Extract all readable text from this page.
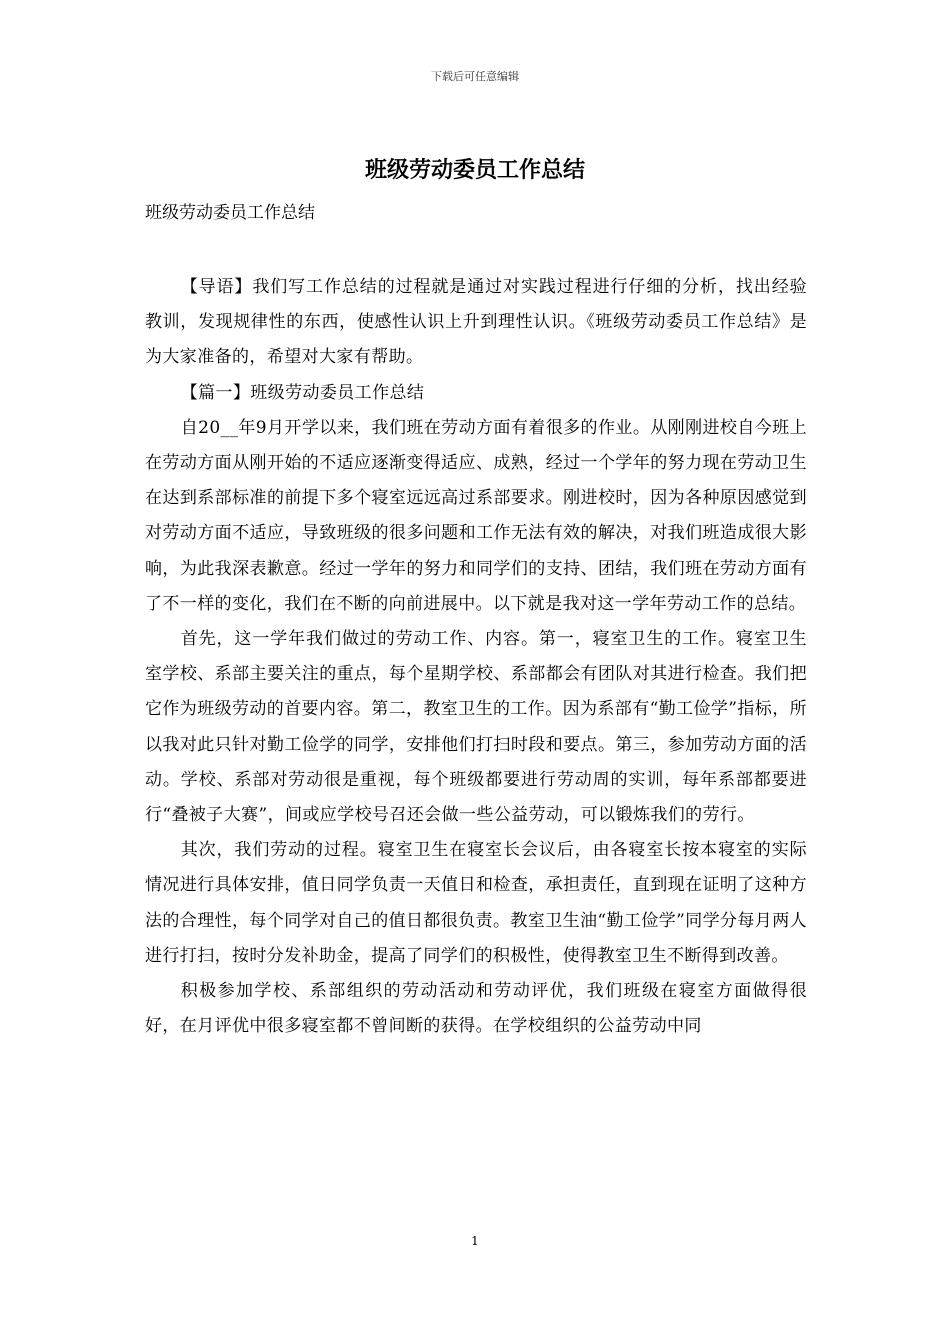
下载后可任意编辑
班级劳动委员工作总结
班级劳动委员工作总结

【导语】我们写工作总结的过程就是通过对实践过程进行仔细的分析，找出经验教训，发现规律性的东西，使感性认识上升到理性认识。《班级劳动委员工作总结》是为大家准备的，希望对大家有帮助。

【篇一】班级劳动委员工作总结

自20__年9月开学以来，我们班在劳动方面有着很多的作业。从刚刚进校自今班上在劳动方面从刚开始的不适应逐渐变得适应、成熟，经过一个学年的努力现在劳动卫生在达到系部标准的前提下多个寝室远远高过系部要求。刚进校时，因为各种原因感觉到对劳动方面不适应，导致班级的很多问题和工作无法有效的解决，对我们班造成很大影响，为此我深表歉意。经过一学年的努力和同学们的支持、团结，我们班在劳动方面有了不一样的变化，我们在不断的向前进展中。以下就是我对这一学年劳动工作的总结。

首先，这一学年我们做过的劳动工作、内容。第一，寝室卫生的工作。寝室卫生室学校、系部主要关注的重点，每个星期学校、系部都会有团队对其进行检查。我们把它作为班级劳动的首要内容。第二，教室卫生的工作。因为系部有“勤工俭学”指标，所以我对此只针对勤工俭学的同学，安排他们打扫时段和要点。第三，参加劳动方面的活动。学校、系部对劳动很是重视，每个班级都要进行劳动周的实训，每年系部都要进行“叠被子大赛”，间或应学校号召还会做一些公益劳动，可以锻炼我们的劳行。

其次，我们劳动的过程。寝室卫生在寝室长会议后，由各寝室长按本寝室的实际情况进行具体安排，值日同学负责一天值日和检查，承担责任，直到现在证明了这种方法的合理性，每个同学对自己的值日都很负责。教室卫生油“勤工俭学”同学分每月两人进行打扫，按时分发补助金，提高了同学们的积极性，使得教室卫生不断得到改善。

积极参加学校、系部组织的劳动活动和劳动评优，我们班级在寝室方面做得很好，在月评优中很多寝室都不曾间断的获得。在学校组织的公益劳动中同

1
